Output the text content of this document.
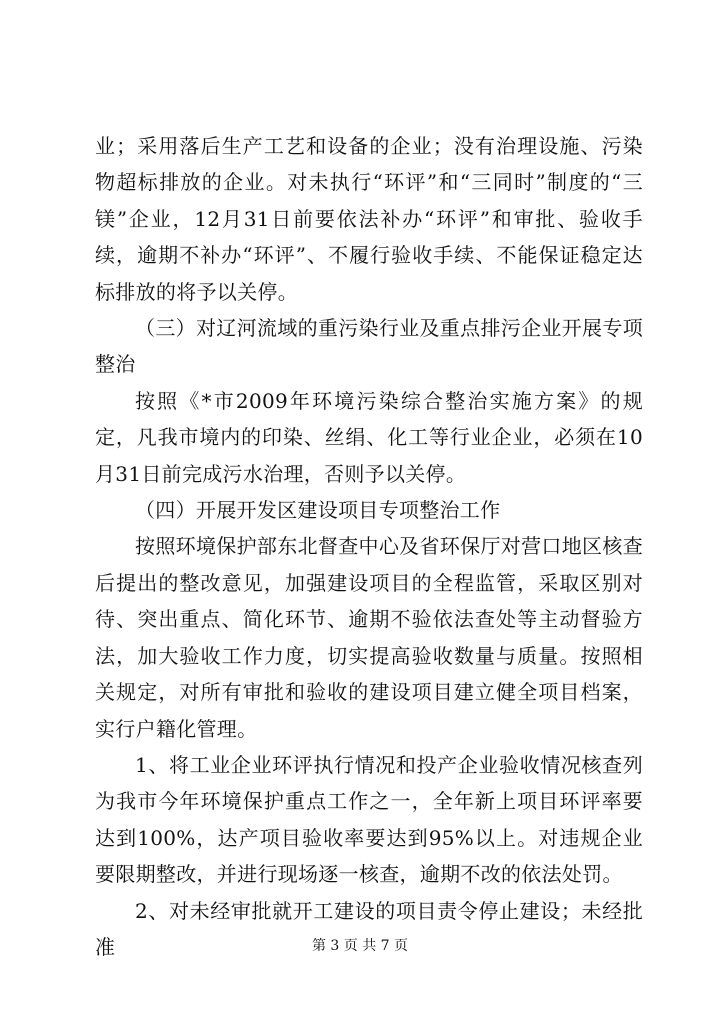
业；采用落后生产工艺和设备的企业；没有治理设施、污染物超标排放的企业。对未执行“环评”和“三同时”制度的“三镁”企业，12月31日前要依法补办“环评”和审批、验收手续，逾期不补办“环评”、不履行验收手续、不能保证稳定达标排放的将予以关停。

（三）对辽河流域的重污染行业及重点排污企业开展专项整治

按照《*市2009年环境污染综合整治实施方案》的规定，凡我市境内的印染、丝绢、化工等行业企业，必须在10月31日前完成污水治理，否则予以关停。

（四）开展开发区建设项目专项整治工作

按照环境保护部东北督查中心及省环保厅对营口地区核查后提出的整改意见，加强建设项目的全程监管，采取区别对待、突出重点、简化环节、逾期不验依法查处等主动督验方法，加大验收工作力度，切实提高验收数量与质量。按照相关规定，对所有审批和验收的建设项目建立健全项目档案，实行户籍化管理。

1、将工业企业环评执行情况和投产企业验收情况核查列为我市今年环境保护重点工作之一，全年新上项目环评率要达到100%，达产项目验收率要达到95%以上。对违规企业要限期整改，并进行现场逐一核查，逾期不改的依法处罚。

2、对未经审批就开工建设的项目责令停止建设；未经批准	第 3 页 共 7 页
